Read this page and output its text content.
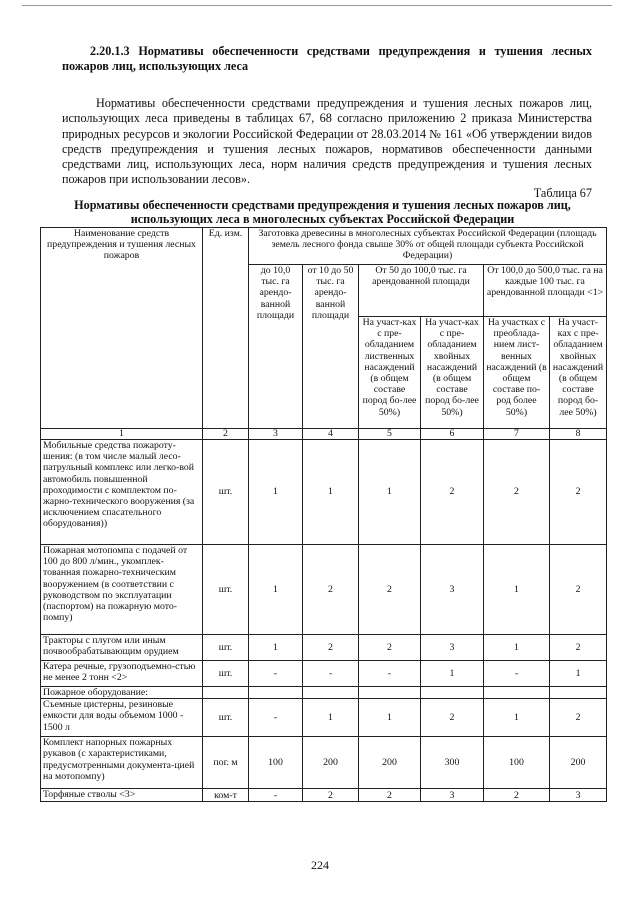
2.20.1.3 Нормативы обеспеченности средствами предупреждения и тушения лесных пожаров лиц, использующих леса
Нормативы обеспеченности средствами предупреждения и тушения лесных пожаров лиц, использующих леса приведены в таблицах 67, 68 согласно приложению 2 приказа Министерства природных ресурсов и экологии Российской Федерации от 28.03.2014 № 161 «Об утверждении видов средств предупреждения и тушения лесных пожаров, нормативов обеспеченности данными средствами лиц, использующих леса, норм наличия средств предупреждения и тушения лесных пожаров при использовании лесов».
Таблица 67
Нормативы обеспеченности средствами предупреждения и тушения лесных пожаров лиц, использующих леса в многолесных субъектах Российской Федерации
Наименование средств предупреждения и тушения лесных пожаров	Ед. изм.	Заготовка древесины в многолесных субъектах Российской Федерации (площадь земель лесного фонда свыше 30% от общей площади субъекта Российской Федерации)					
		до 10,0 тыс. га арендо-ванной площади	от 10 до 50 тыс. га арендо-ванной площади	От 50 до 100,0 тыс. га арендованной площади		От 100,0 до 500,0 тыс. га на каждые 100 тыс. га арендованной площади <1>	
				На участ-ках с пре-обладанием лиственных насаждений (в общем составе пород бо-лее 50%)	На участ-ках с пре-обладанием хвойных насаждений (в общем составе пород бо-лее 50%)	На участках с преоблада-нием лист-венных насаждений (в общем составе по-род более 50%)	На участ-ках с пре-обладанием хвойных насаждений (в общем составе пород бо-лее 50%)
1	2	3	4	5	6	7	8
Мобильные средства пожароту-шения: (в том числе малый лесо-патрульный комплекс или легко-вой автомобиль повышенной проходимости с комплектом по-жарно-технического вооружения (за исключением спасательного оборудования))	шт.	1	1	1	2	2	2
Пожарная мотопомпа с подачей от 100 до 800 л/мин., укомплек-тованная пожарно-техническим вооружением (в соответствии с руководством по эксплуатации (паспортом) на пожарную мото-помпу)	шт.	1	2	2	3	1	2
Тракторы с плугом или иным почвообрабатывающим орудием	шт.	1	2	2	3	1	2
Катера речные, грузоподъемно-стью не менее 2 тонн <2>	шт.	-	-	-	1	-	1
Пожарное оборудование:							
Съемные цистерны, резиновые емкости для воды объемом 1000 - 1500 л	шт.	-	1	1	2	1	2
Комплект напорных пожарных рукавов (с характеристиками, предусмотренными документа-цией на мотопомпу)	пог. м	100	200	200	300	100	200
Торфяные стволы <3>	ком-т	-	2	2	3	2	3
224
